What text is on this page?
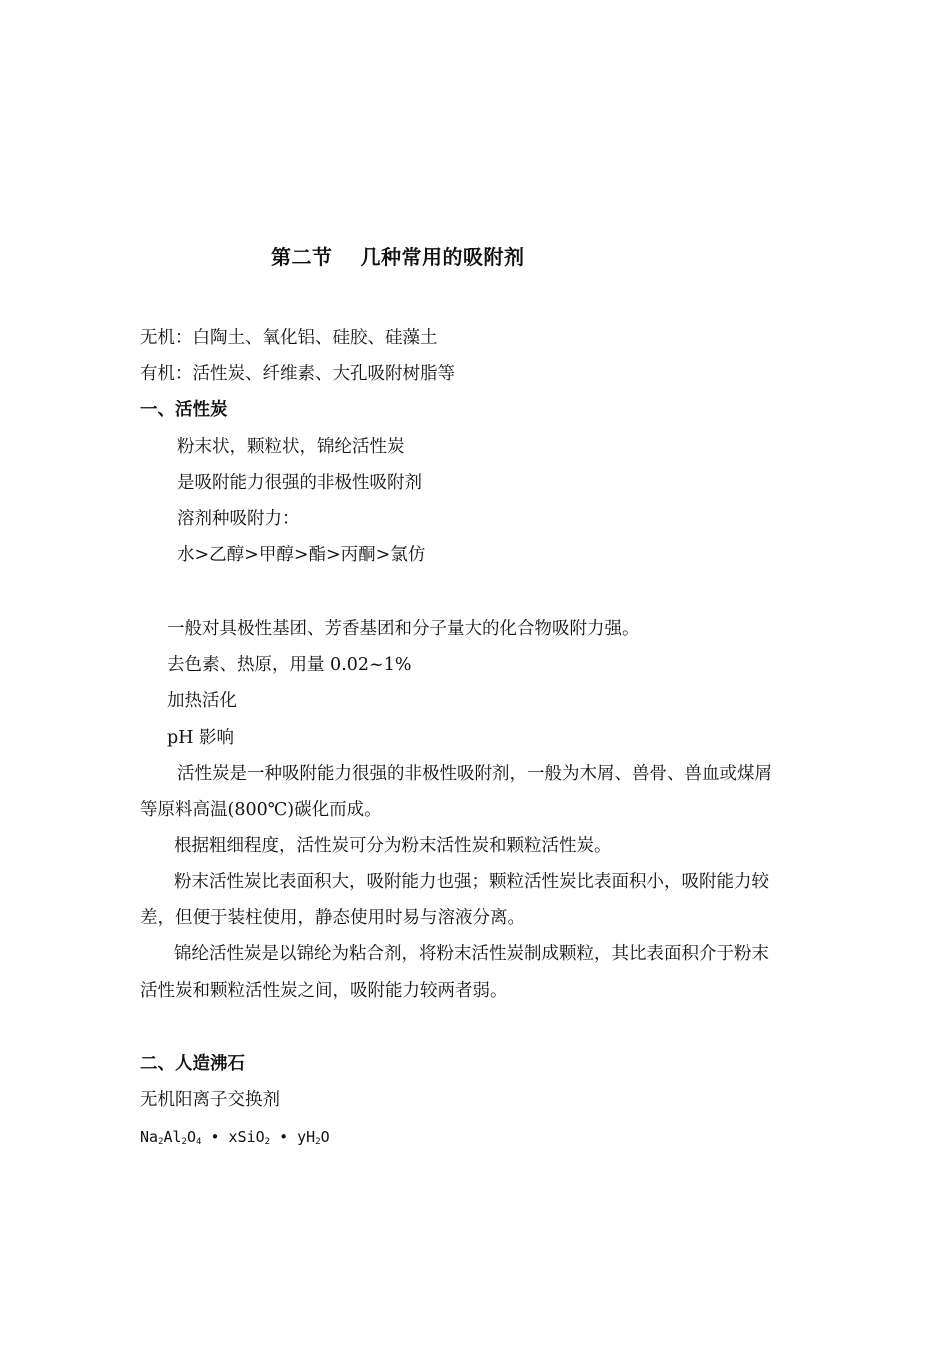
第二节 几种常用的吸附剂

无机：白陶土、氧化铝、硅胶、硅藻土

有机：活性炭、纤维素、大孔吸附树脂等

一、活性炭

粉末状，颗粒状，锦纶活性炭

是吸附能力很强的非极性吸附剂

溶剂种吸附力：

水>乙醇>甲醇>酯>丙酮>氯仿

一般对具极性基团、芳香基团和分子量大的化合物吸附力强。

去色素、热原，用量 0.02~1%

加热活化

pH 影响

活性炭是一种吸附能力很强的非极性吸附剂，一般为木屑、兽骨、兽血或煤屑

等原料高温(800℃)碳化而成。

根据粗细程度，活性炭可分为粉末活性炭和颗粒活性炭。

粉末活性炭比表面积大，吸附能力也强；颗粒活性炭比表面积小，吸附能力较

差，但便于装柱使用，静态使用时易与溶液分离。

锦纶活性炭是以锦纶为粘合剂，将粉末活性炭制成颗粒，其比表面积介于粉末

活性炭和颗粒活性炭之间，吸附能力较两者弱。

二、人造沸石

无机阳离子交换剂

$Na_2Al_2O_4$ • xSiO$_2$ • $yH_2O$
